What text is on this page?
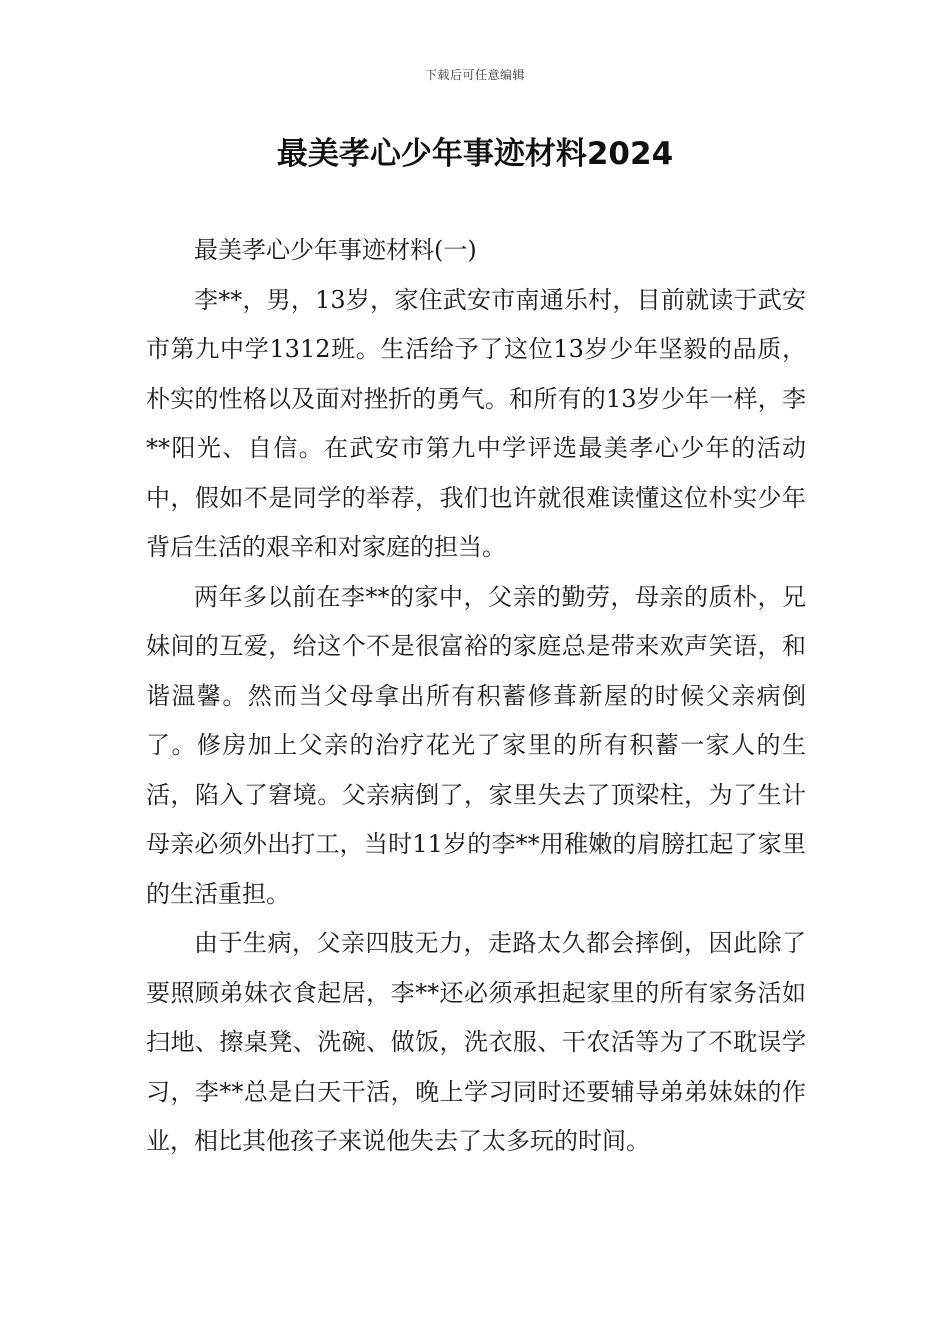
下载后可任意编辑
最美孝心少年事迹材料2024

最美孝心少年事迹材料(一)

李**，男，13岁，家住武安市南通乐村，目前就读于武安市第九中学1312班。生活给予了这位13岁少年坚毅的品质，朴实的性格以及面对挫折的勇气。和所有的13岁少年一样，李**阳光、自信。在武安市第九中学评选最美孝心少年的活动中，假如不是同学的举荐，我们也许就很难读懂这位朴实少年背后生活的艰辛和对家庭的担当。

两年多以前在李**的家中，父亲的勤劳，母亲的质朴，兄妹间的互爱，给这个不是很富裕的家庭总是带来欢声笑语，和谐温馨。然而当父母拿出所有积蓄修葺新屋的时候父亲病倒了。修房加上父亲的治疗花光了家里的所有积蓄一家人的生活，陷入了窘境。父亲病倒了，家里失去了顶梁柱，为了生计母亲必须外出打工，当时11岁的李**用稚嫩的肩膀扛起了家里的生活重担。

由于生病，父亲四肢无力，走路太久都会摔倒，因此除了要照顾弟妹衣食起居，李**还必须承担起家里的所有家务活如扫地、擦桌凳、洗碗、做饭，洗衣服、干农活等为了不耽误学习，李**总是白天干活，晚上学习同时还要辅导弟弟妹妹的作业，相比其他孩子来说他失去了太多玩的时间。
